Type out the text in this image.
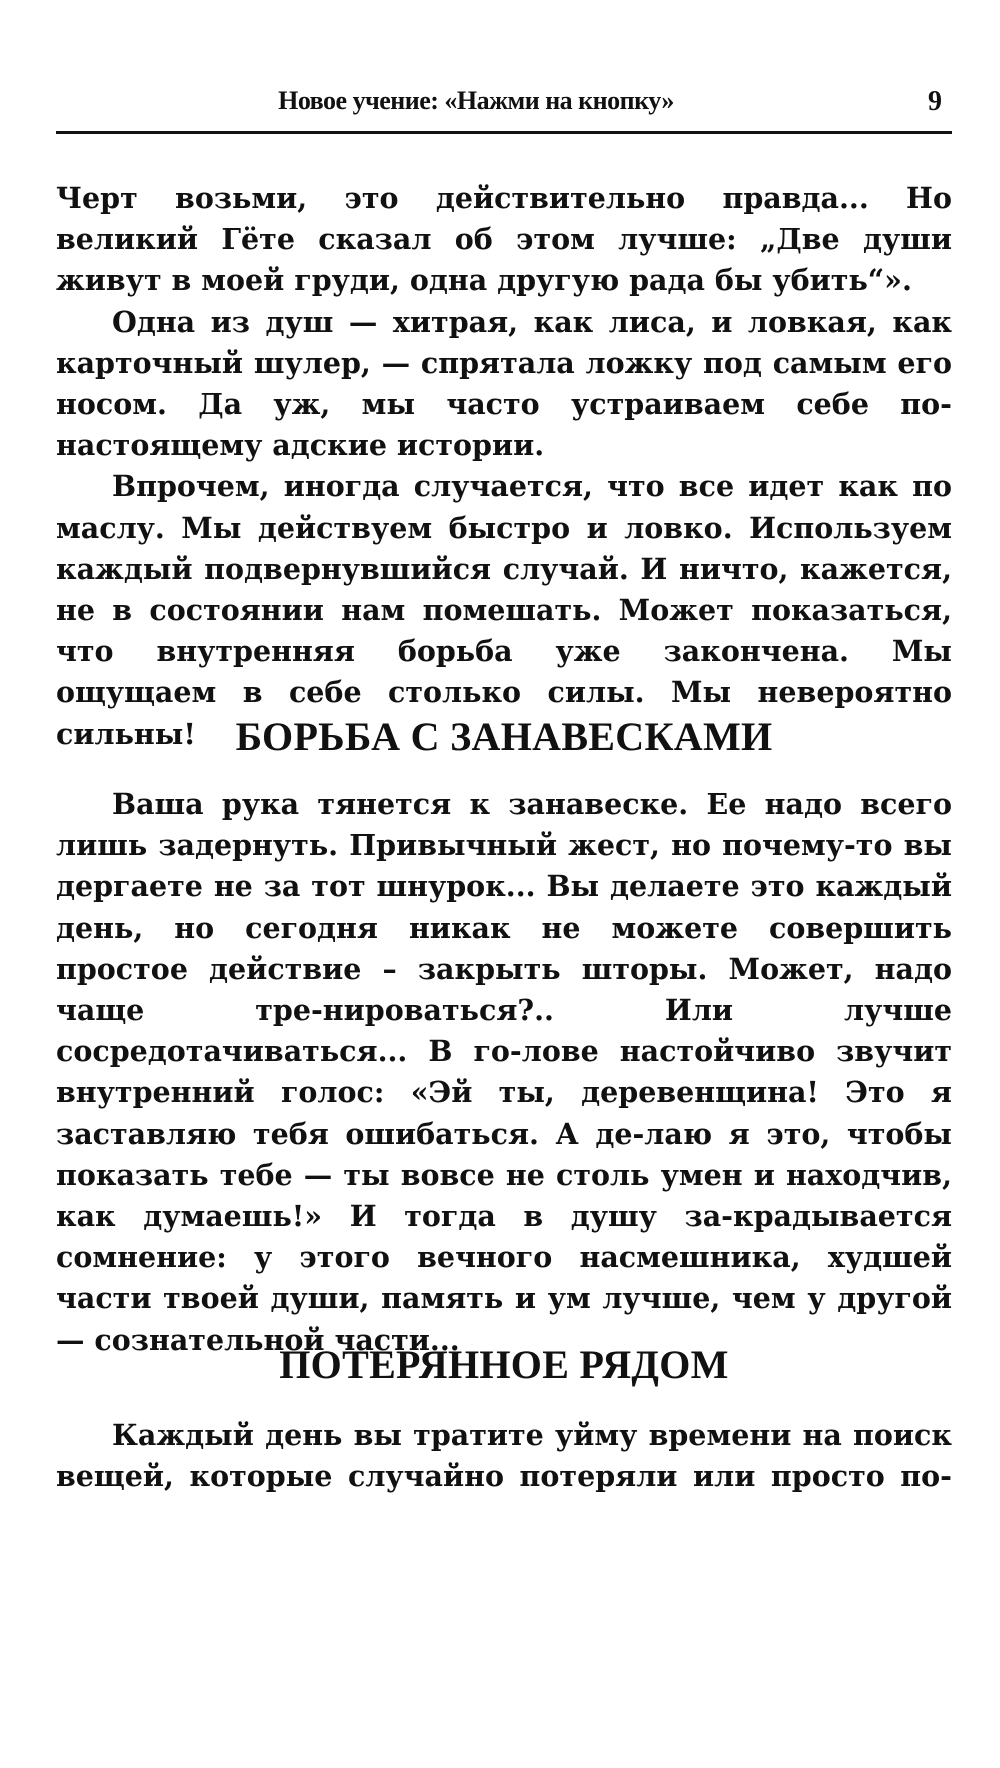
Новое учение: «Нажми на кнопку»	9

Черт возьми, это действительно правда... Но великий Гёте сказал об этом лучше: „Две души живут в моей груди, одна другую рада бы убить“».

Одна из душ — хитрая, как лиса, и ловкая, как карточный шулер, — спрятала ложку под самым его носом. Да уж, мы часто устраиваем себе по-настоящему адские истории.

Впрочем, иногда случается, что все идет как по маслу. Мы действуем быстро и ловко. Используем каждый подвернувшийся случай. И ничто, кажется, не в состоянии нам помешать. Может показаться, что внутренняя борьба уже закончена. Мы ощущаем в себе столько силы. Мы невероятно сильны! БОРЬБА С ЗАНАВЕСКАМИ

Ваша рука тянется к занавеске. Ее надо всего лишь задернуть. Привычный жест, но почему-то вы дергаете не за тот шнурок... Вы делаете это каждый день, но сегодня никак не можете совершить простое действие – закрыть шторы. Может, надо чаще тре-нироваться?.. Или лучше сосредотачиваться... В го-лове настойчиво звучит внутренний голос: «Эй ты, деревенщина! Это я заставляю тебя ошибаться. А де-лаю я это, чтобы показать тебе — ты вовсе не столь умен и находчив, как думаешь!» И тогда в душу за-крадывается сомнение: у этого вечного насмешника, худшей части твоей души, память и ум лучше, чем у другой — сознательной части...

ПОТЕРЯННОЕ РЯДОМ

Каждый день вы тратите уйму времени на поиск вещей, которые случайно потеряли или просто по-
